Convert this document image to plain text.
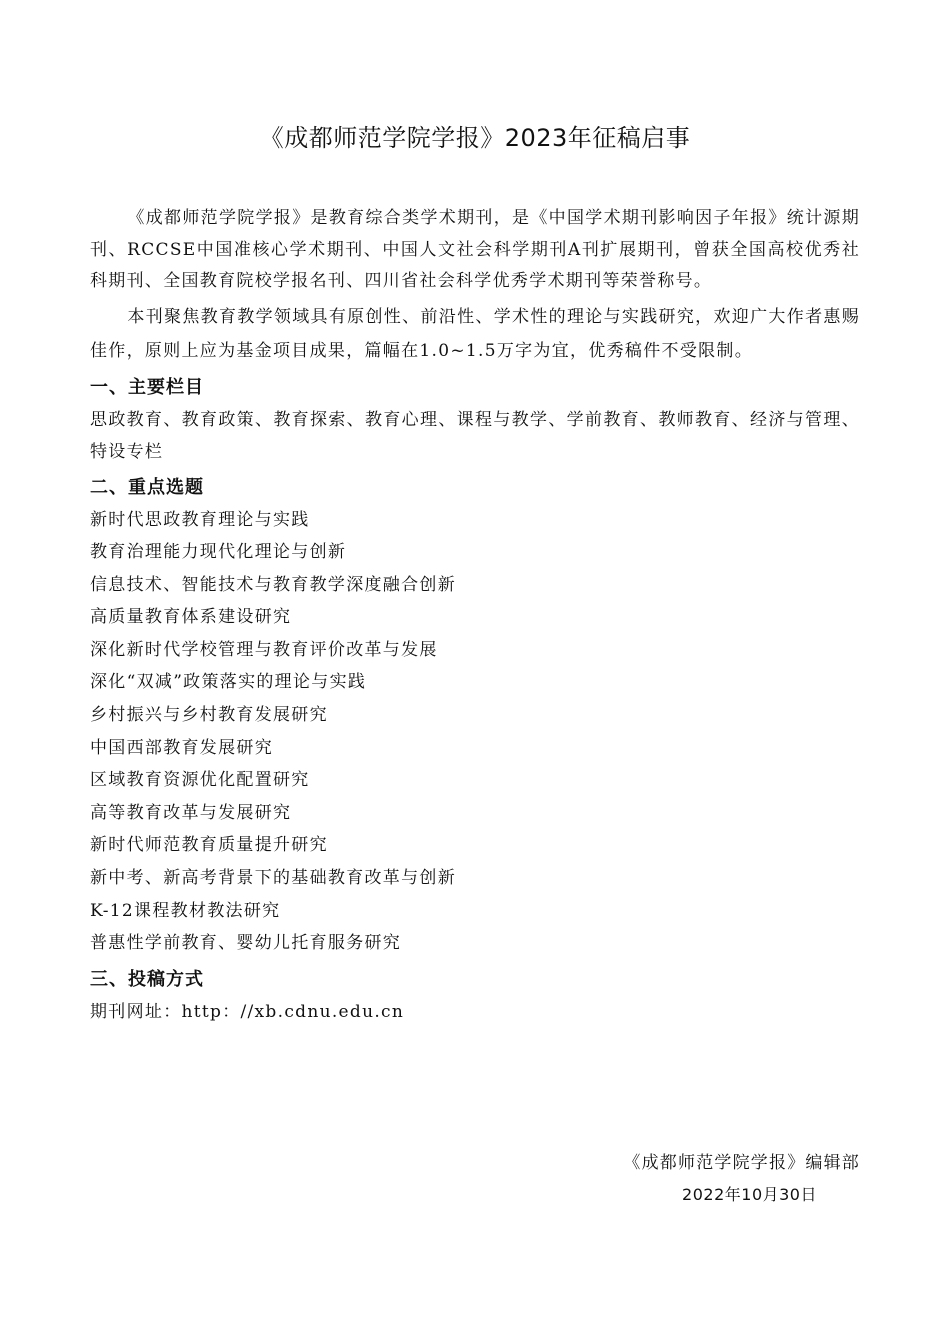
《成都师范学院学报》2023年征稿启事

《成都师范学院学报》是教育综合类学术期刊，是《中国学术期刊影响因子年报》统计源期刊、RCCSE中国准核心学术期刊、中国人文社会科学期刊A刊扩展期刊，曾获全国高校优秀社科期刊、全国教育院校学报名刊、四川省社会科学优秀学术期刊等荣誉称号。

本刊聚焦教育教学领域具有原创性、前沿性、学术性的理论与实践研究，欢迎广大作者惠赐佳作，原则上应为基金项目成果，篇幅在1.0~1.5万字为宜，优秀稿件不受限制。

一、主要栏目
思政教育、教育政策、教育探索、教育心理、课程与教学、学前教育、教师教育、经济与管理、特设专栏
二、重点选题
新时代思政教育理论与实践
教育治理能力现代化理论与创新
信息技术、智能技术与教育教学深度融合创新
高质量教育体系建设研究
深化新时代学校管理与教育评价改革与发展
深化“双减”政策落实的理论与实践
乡村振兴与乡村教育发展研究
中国西部教育发展研究
区域教育资源优化配置研究
高等教育改革与发展研究
新时代师范教育质量提升研究
新中考、新高考背景下的基础教育改革与创新
K-12课程教材教法研究
普惠性学前教育、婴幼儿托育服务研究
三、投稿方式
期刊网址：http：//xb.cdnu.edu.cn
《成都师范学院学报》编辑部
2022年10月30日
